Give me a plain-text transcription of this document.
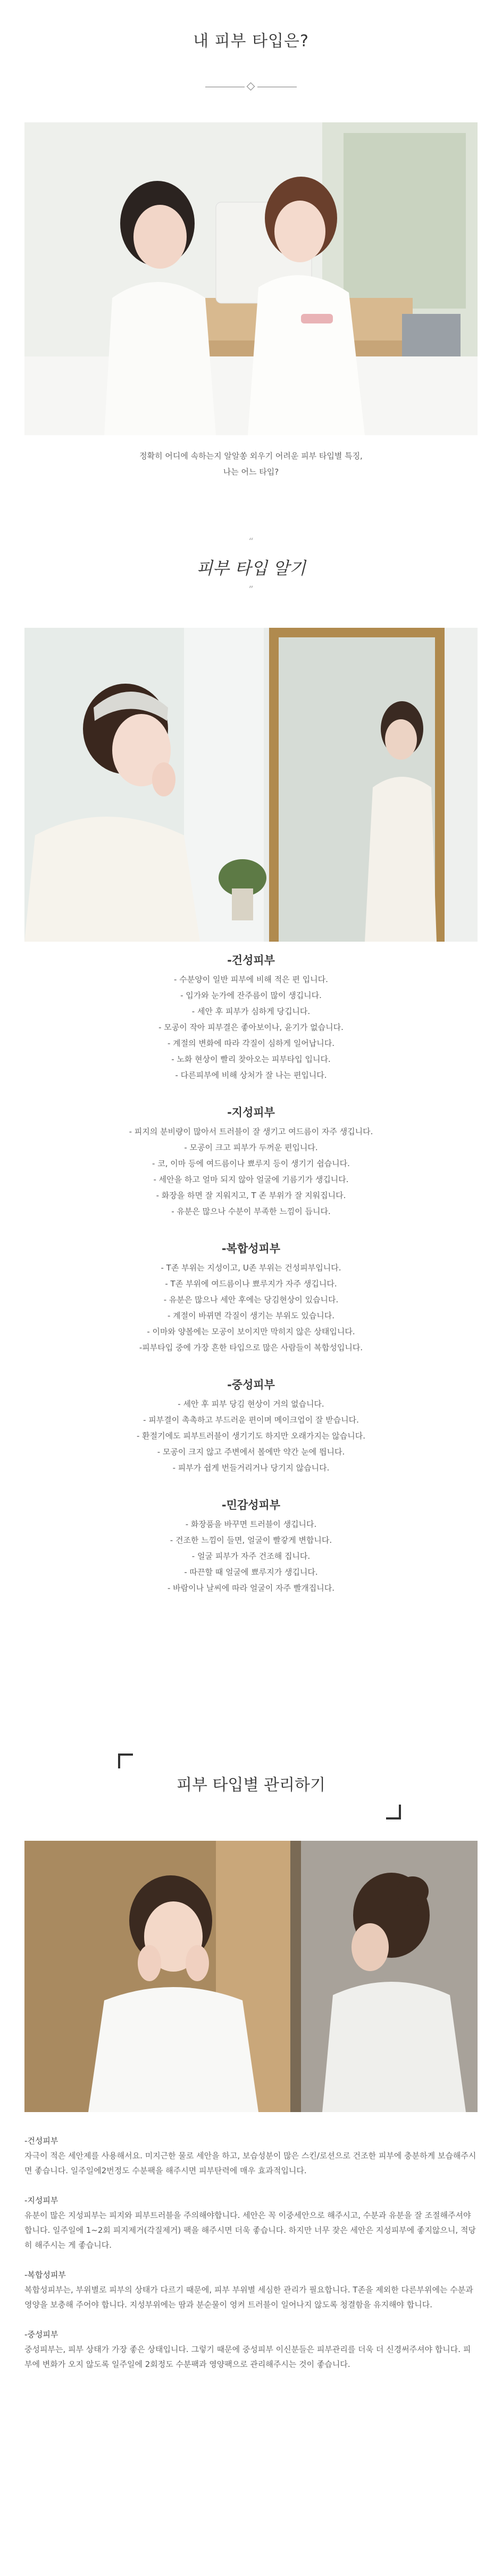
내 피부 타입은?
정확히 어디에 속하는지 알알쏭 외우기 어려운 피부 타입별 특징,
나는 어느 타입?
“
피부 타입 알기
”
-건성피부
- 수분양이 일반 피부에 비해 적은 편 입니다.
- 입가와 눈가에 잔주름이 많이 생깁니다.
- 세안 후 피부가 심하게 당깁니다.
- 모공이 작아 피부결은 좋아보이나, 윤기가 없습니다.
- 계절의 변화에 따라 각질이 심하게 일어납니다.
- 노화 현상이 빨리 찾아오는 피부타입 입니다.
- 다른피부에 비해 상처가 잘 나는 편입니다.
-지성피부
- 피지의 분비량이 많아서 트러블이 잘 생기고 여드름이 자주 생깁니다.
- 모공이 크고 피부가 두꺼운 편입니다.
- 코, 이마 등에 여드름이나 뾰루지 등이 생기기 쉽습니다.
- 세안을 하고 얼마 되지 않아 얼굴에 기름기가 생깁니다.
- 화장을 하면 잘 지워지고, T 존 부위가 잘 지워집니다.
- 유분은 많으나 수분이 부족한 느낌이 듭니다.
-복합성피부
- T존 부위는 지성이고, U존 부위는 건성피부입니다.
- T존 부위에 여드름이나 뾰루지가 자주 생깁니다.
- 유분은 많으나 세안 후에는 당김현상이 있습니다.
- 계절이 바뀌면 각질이 생기는 부위도 있습니다.
- 이마와 양볼에는 모공이 보이지만 막히지 않은 상태입니다.
-피부타입 중에 가장 흔한 타입으로 많은 사람들이 복합성입니다.
-중성피부
- 세안 후 피부 당김 현상이 거의 없습니다.
- 피부결이 촉촉하고 부드러운 편이며 메이크업이 잘 받습니다.
- 환절기에도 피부트러블이 생기기도 하지만 오래가지는 않습니다.
- 모공이 크지 않고 주변에서 볼에만 약간 눈에 띕니다.
- 피부가 쉽게 번들거리거나 당기지 않습니다.
-민감성피부
- 화장품을 바꾸면 트러블이 생깁니다.
- 건조한 느낌이 들면, 얼굴이 빨갛게 변합니다.
- 얼굴 피부가 자주 건조해 집니다.
- 따끈할 때 얼굴에 뾰루지가 생깁니다.
- 바람이나 날씨에 따라 얼굴이 자주 빨개집니다.
피부 타입별 관리하기
-건성피부
자극이 적은 세안제를 사용해서요. 미지근한 물로 세안을 하고, 보습성분이 많은 스킨/로션으로 건조한 피부에 충분하게 보습해주시면 좋습니다. 일주일에2번정도 수분팩을 해주시면 피부탄력에 매우 효과적입니다.
-지성피부
유분이 많은 지성피부는 피지와 피부트러블을 주의해야합니다. 세안은 꼭 이중세안으로 해주시고, 수분과 유분을 잘 조절해주셔야 합니다. 일주일에 1~2회 피지제거(각질제거) 팩을 해주시면 더욱 좋습니다. 하지만 너무 잦은 세안은 지성피부에 좋지않으니, 적당히 해주시는 게 좋습니다.
-복합성피부
복합성피부는, 부위별로 피부의 상태가 다르기 때문에, 피부 부위별 세심한 관리가 필요합니다. T존을 제외한 다른부위에는 수분과 영양을 보충해 주어야 합니다. 지성부위에는 땀과 분순물이 엉켜 트러블이 일어나지 않도록 청결함을 유지해야 합니다.
-중성피부
중성피부는, 피부 상태가 가장 좋은 상태입니다. 그렇기 때문에 중성피부 이신분들은 피부관리를 더욱 더 신경써주셔야 합니다. 피부에 변화가 오지 않도록 일주일에 2회정도 수분팩과 영양팩으로 관리해주시는 것이 좋습니다.
